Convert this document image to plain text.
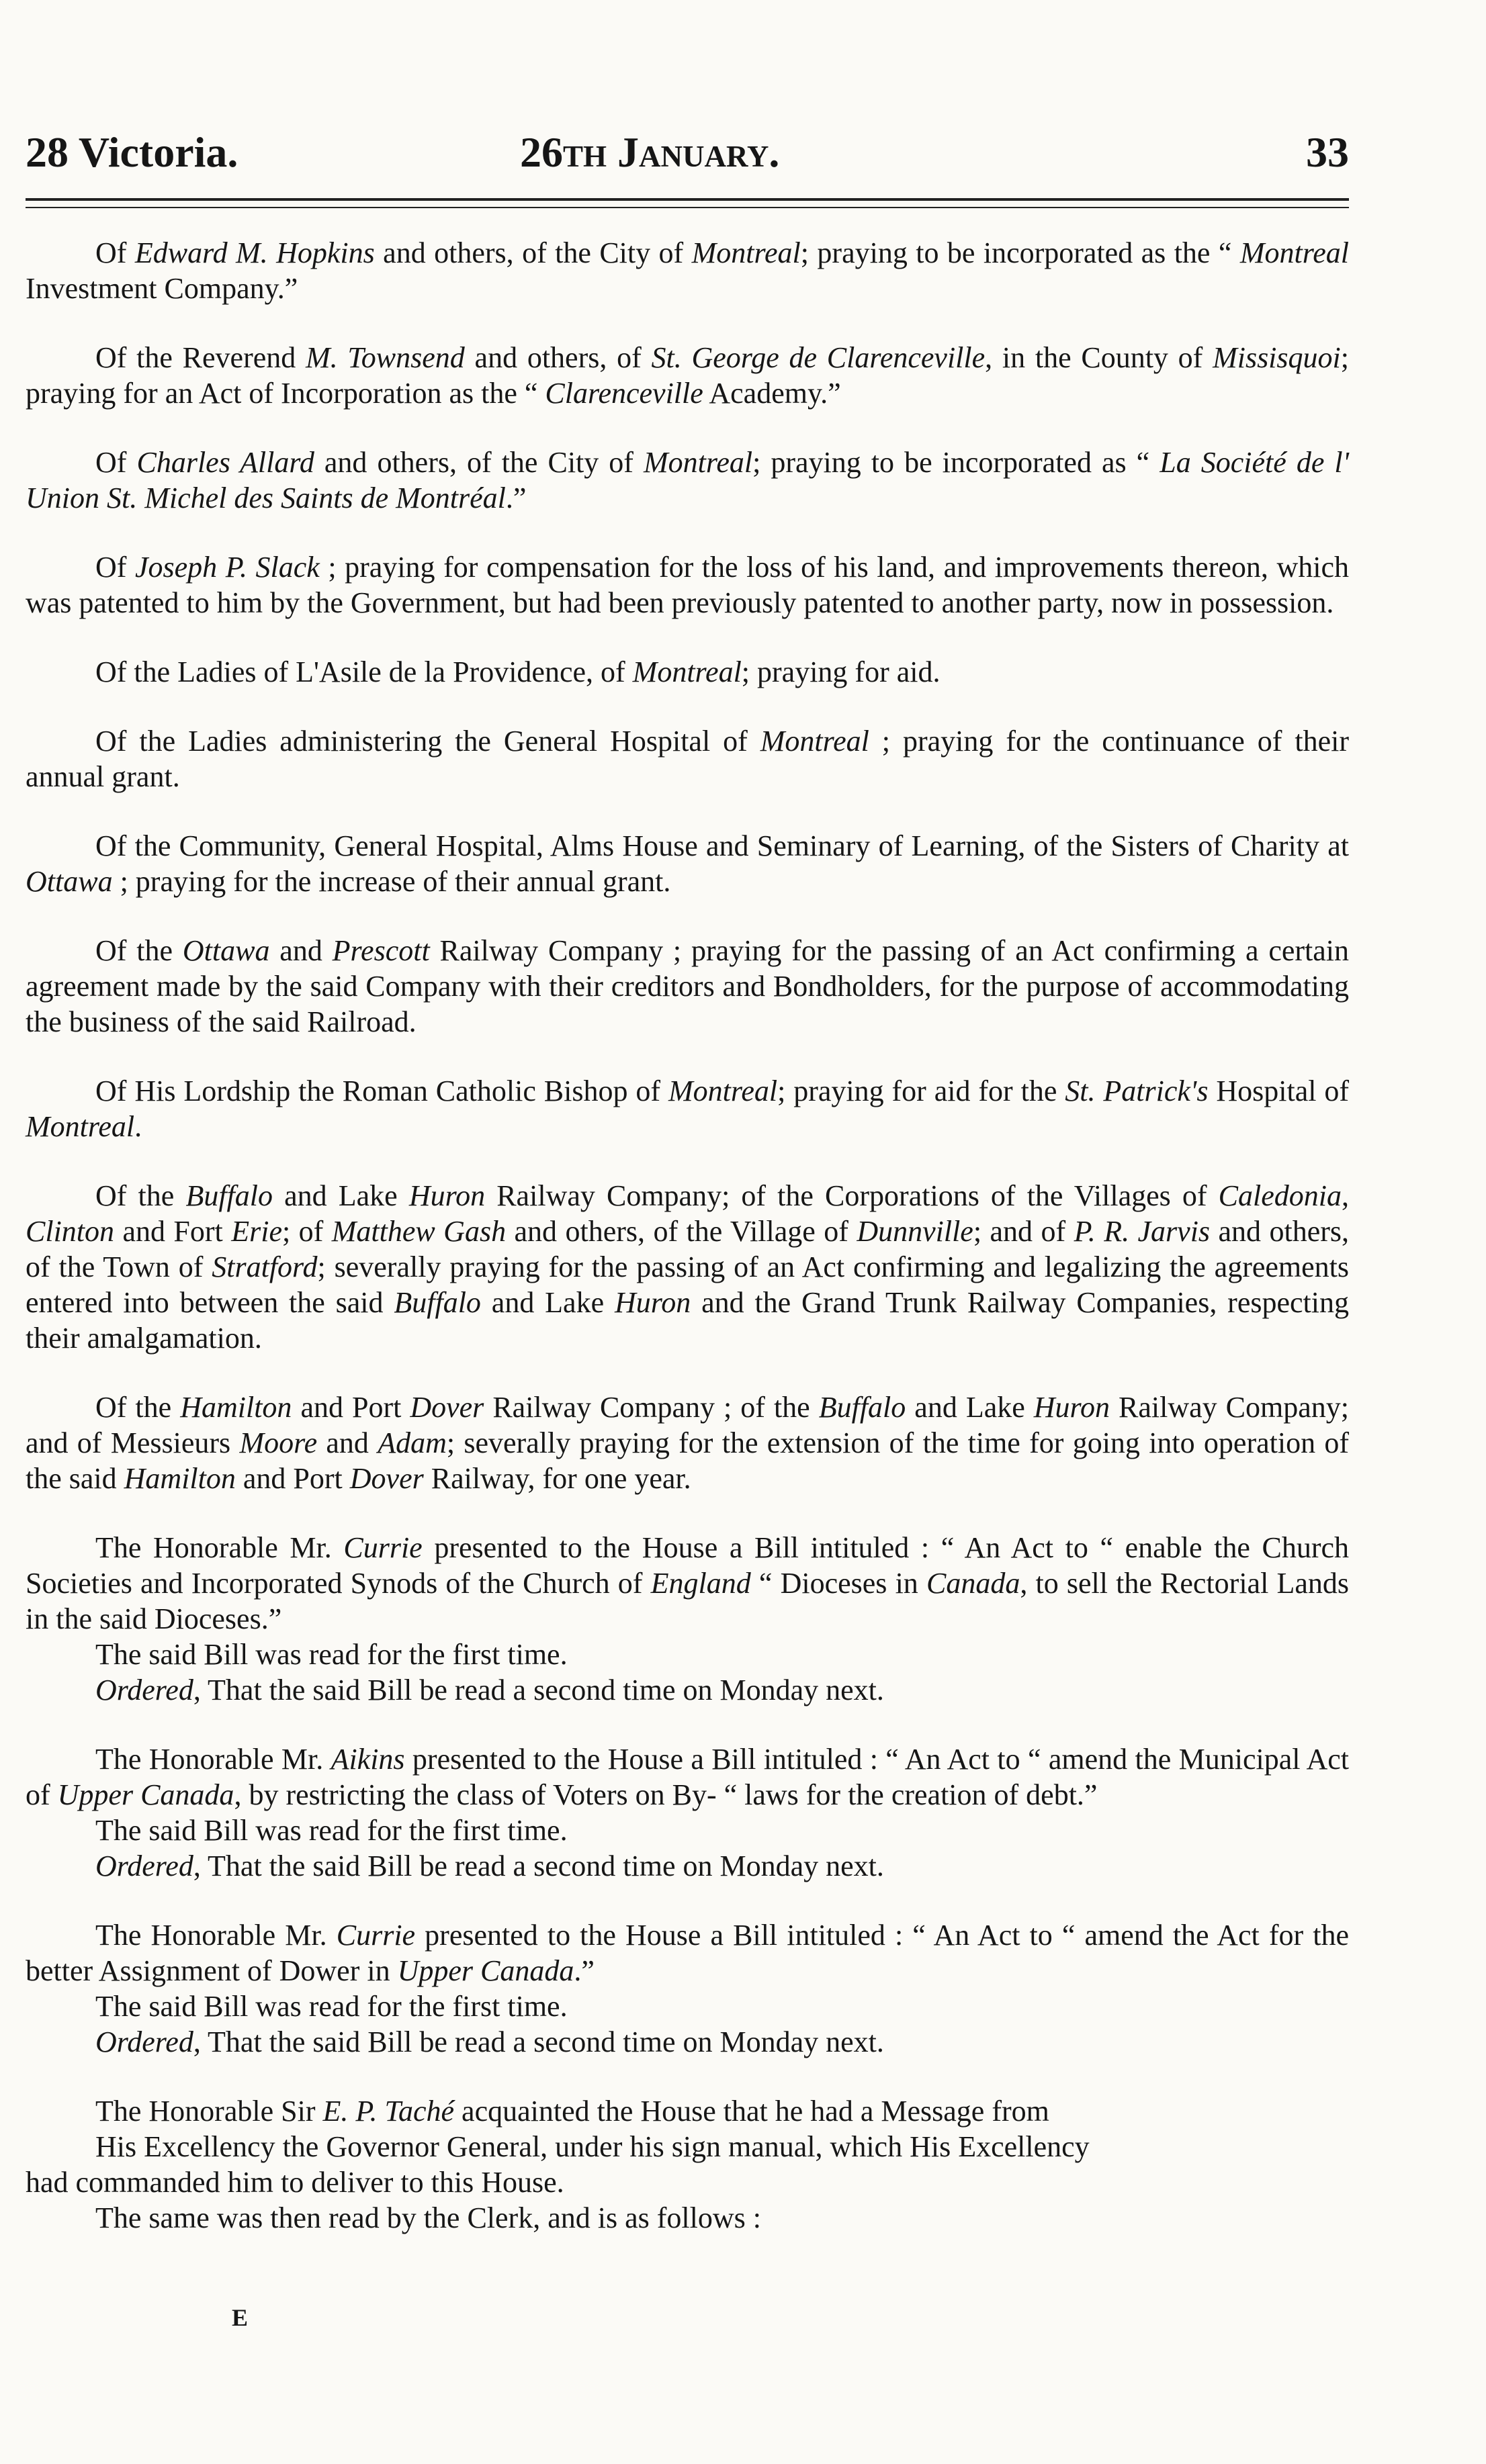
28 Victoria.	26th January.	33

Of Edward M. Hopkins and others, of the City of Montreal; praying to be incorporated as the “ Montreal Investment Company.”

Of the Reverend M. Townsend and others, of St. George de Clarenceville, in the County of Missisquoi; praying for an Act of Incorporation as the “ Clarenceville Academy.”

Of Charles Allard and others, of the City of Montreal; praying to be incorporated as “ La Société de l' Union St. Michel des Saints de Montréal.”

Of Joseph P. Slack ; praying for compensation for the loss of his land, and improvements thereon, which was patented to him by the Government, but had been previously patented to another party, now in possession.

Of the Ladies of L'Asile de la Providence, of Montreal; praying for aid.

Of the Ladies administering the General Hospital of Montreal ; praying for the continuance of their annual grant.

Of the Community, General Hospital, Alms House and Seminary of Learning, of the Sisters of Charity at Ottawa ; praying for the increase of their annual grant.

Of the Ottawa and Prescott Railway Company ; praying for the passing of an Act confirming a certain agreement made by the said Company with their creditors and Bondholders, for the purpose of accommodating the business of the said Railroad.

Of His Lordship the Roman Catholic Bishop of Montreal; praying for aid for the St. Patrick's Hospital of Montreal.

Of the Buffalo and Lake Huron Railway Company; of the Corporations of the Villages of Caledonia, Clinton and Fort Erie; of Matthew Gash and others, of the Village of Dunnville; and of P. R. Jarvis and others, of the Town of Stratford; severally praying for the passing of an Act confirming and legalizing the agreements entered into between the said Buffalo and Lake Huron and the Grand Trunk Railway Companies, respecting their amalgamation.

Of the Hamilton and Port Dover Railway Company ; of the Buffalo and Lake Huron Railway Company; and of Messieurs Moore and Adam; severally praying for the extension of the time for going into operation of the said Hamilton and Port Dover Railway, for one year.

The Honorable Mr. Currie presented to the House a Bill intituled : “ An Act to “ enable the Church Societies and Incorporated Synods of the Church of England “ Dioceses in Canada, to sell the Rectorial Lands in the said Dioceses.”

The said Bill was read for the first time.

Ordered, That the said Bill be read a second time on Monday next.

The Honorable Mr. Aikins presented to the House a Bill intituled : “ An Act to “ amend the Municipal Act of Upper Canada, by restricting the class of Voters on By- “ laws for the creation of debt.”

The said Bill was read for the first time.

Ordered, That the said Bill be read a second time on Monday next.

The Honorable Mr. Currie presented to the House a Bill intituled : “ An Act to “ amend the Act for the better Assignment of Dower in Upper Canada.”

The said Bill was read for the first time.

Ordered, That the said Bill be read a second time on Monday next.

The Honorable Sir E. P. Taché acquainted the House that he had a Message from

His Excellency the Governor General, under his sign manual, which His Excellency

had commanded him to deliver to this House.

The same was then read by the Clerk, and is as follows :

E
